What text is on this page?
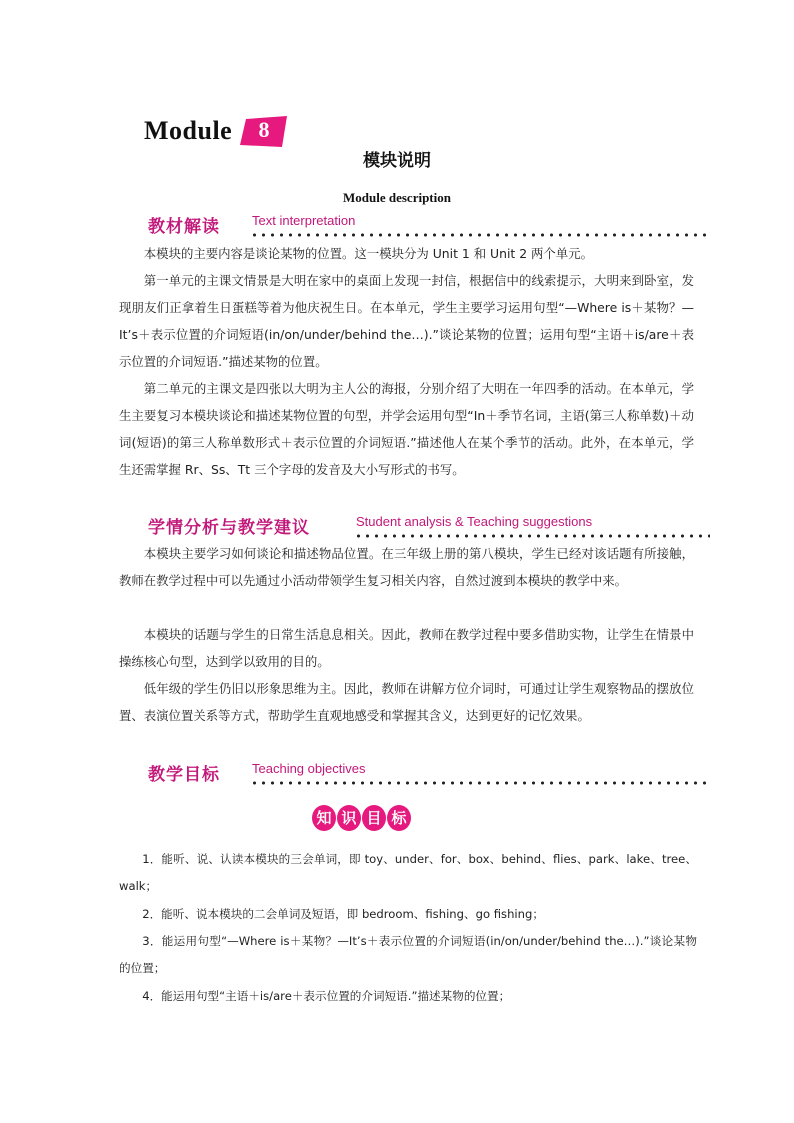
Module	8
模块说明
Module description
教材解读 Text interpretation

本模块的主要内容是谈论某物的位置。这一模块分为 Unit 1 和 Unit 2 两个单元。

第一单元的主课文情景是大明在家中的桌面上发现一封信，根据信中的线索提示，大明来到卧室，发现朋友们正拿着生日蛋糕等着为他庆祝生日。在本单元，学生主要学习运用句型“—Where is＋某物？—It’s＋表示位置的介词短语(in/on/under/behind the…).”谈论某物的位置；运用句型“主语＋is/are＋表示位置的介词短语.”描述某物的位置。

第二单元的主课文是四张以大明为主人公的海报，分别介绍了大明在一年四季的活动。在本单元，学生主要复习本模块谈论和描述某物位置的句型，并学会运用句型“In＋季节名词，主语(第三人称单数)＋动词(短语)的第三人称单数形式＋表示位置的介词短语.”描述他人在某个季节的活动。此外，在本单元，学生还需掌握 Rr、Ss、Tt 三个字母的发音及大小写形式的书写。

学情分析与教学建议	Student analysis & Teaching suggestions

本模块主要学习如何谈论和描述物品位置。在三年级上册的第八模块，学生已经对该话题有所接触，教师在教学过程中可以先通过小活动带领学生复习相关内容，自然过渡到本模块的教学中来。

本模块的话题与学生的日常生活息息相关。因此，教师在教学过程中要多借助实物，让学生在情景中操练核心句型，达到学以致用的目的。

低年级的学生仍旧以形象思维为主。因此，教师在讲解方位介词时，可通过让学生观察物品的摆放位置、表演位置关系等方式，帮助学生直观地感受和掌握其含义，达到更好的记忆效果。

教学目标 Teaching objectives
知 识 目 标

1．能听、说、认读本模块的三会单词，即 toy、under、for、box、behind、flies、park、lake、tree、walk；

2．能听、说本模块的二会单词及短语，即 bedroom、fishing、go fishing；

3．能运用句型“—Where is＋某物？—It’s＋表示位置的介词短语(in/on/under/behind the…).”谈论某物的位置；

4．能运用句型“主语＋is/are＋表示位置的介词短语.”描述某物的位置；
